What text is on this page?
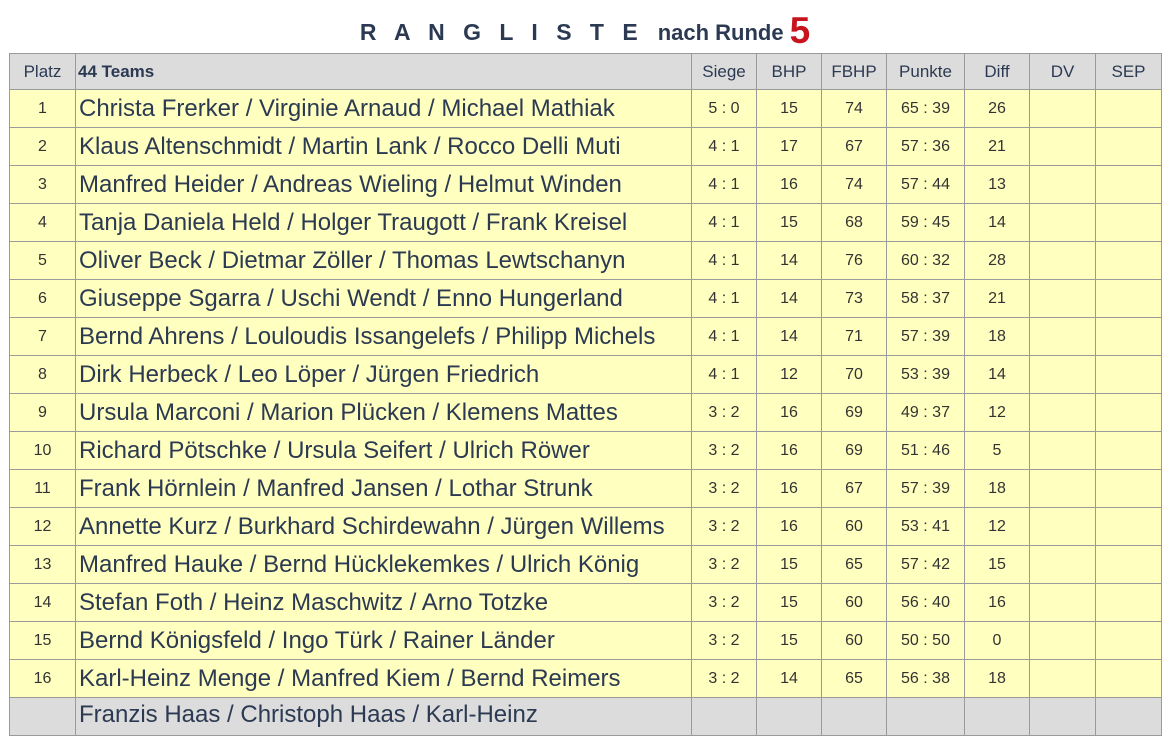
R A N G L I S T E nach Runde 5
Platz	44 Teams	Siege	BHP	FBHP	Punkte	Diff	DV	SEP
1	Christa Frerker / Virginie Arnaud / Michael Mathiak	5 : 0	15	74	65 : 39	26		
2	Klaus Altenschmidt / Martin Lank / Rocco Delli Muti	4 : 1	17	67	57 : 36	21		
3	Manfred Heider / Andreas Wieling / Helmut Winden	4 : 1	16	74	57 : 44	13		
4	Tanja Daniela Held / Holger Traugott / Frank Kreisel	4 : 1	15	68	59 : 45	14		
5	Oliver Beck / Dietmar Zöller / Thomas Lewtschanyn	4 : 1	14	76	60 : 32	28		
6	Giuseppe Sgarra / Uschi Wendt / Enno Hungerland	4 : 1	14	73	58 : 37	21		
7	Bernd Ahrens / Louloudis Issangelefs / Philipp Michels	4 : 1	14	71	57 : 39	18		
8	Dirk Herbeck / Leo Löper / Jürgen Friedrich	4 : 1	12	70	53 : 39	14		
9	Ursula Marconi / Marion Plücken / Klemens Mattes	3 : 2	16	69	49 : 37	12		
10	Richard Pötschke / Ursula Seifert / Ulrich Röwer	3 : 2	16	69	51 : 46	5		
11	Frank Hörnlein / Manfred Jansen / Lothar Strunk	3 : 2	16	67	57 : 39	18		
12	Annette Kurz / Burkhard Schirdewahn / Jürgen Willems	3 : 2	16	60	53 : 41	12		
13	Manfred Hauke / Bernd Hücklekemkes / Ulrich König	3 : 2	15	65	57 : 42	15		
14	Stefan Foth / Heinz Maschwitz / Arno Totzke	3 : 2	15	60	56 : 40	16		
15	Bernd Königsfeld / Ingo Türk / Rainer Länder	3 : 2	15	60	50 : 50	0		
16	Karl-Heinz Menge / Manfred Kiem / Bernd Reimers	3 : 2	14	65	56 : 38	18		
	Franzis Haas / Christoph Haas / Karl-Heinz							
